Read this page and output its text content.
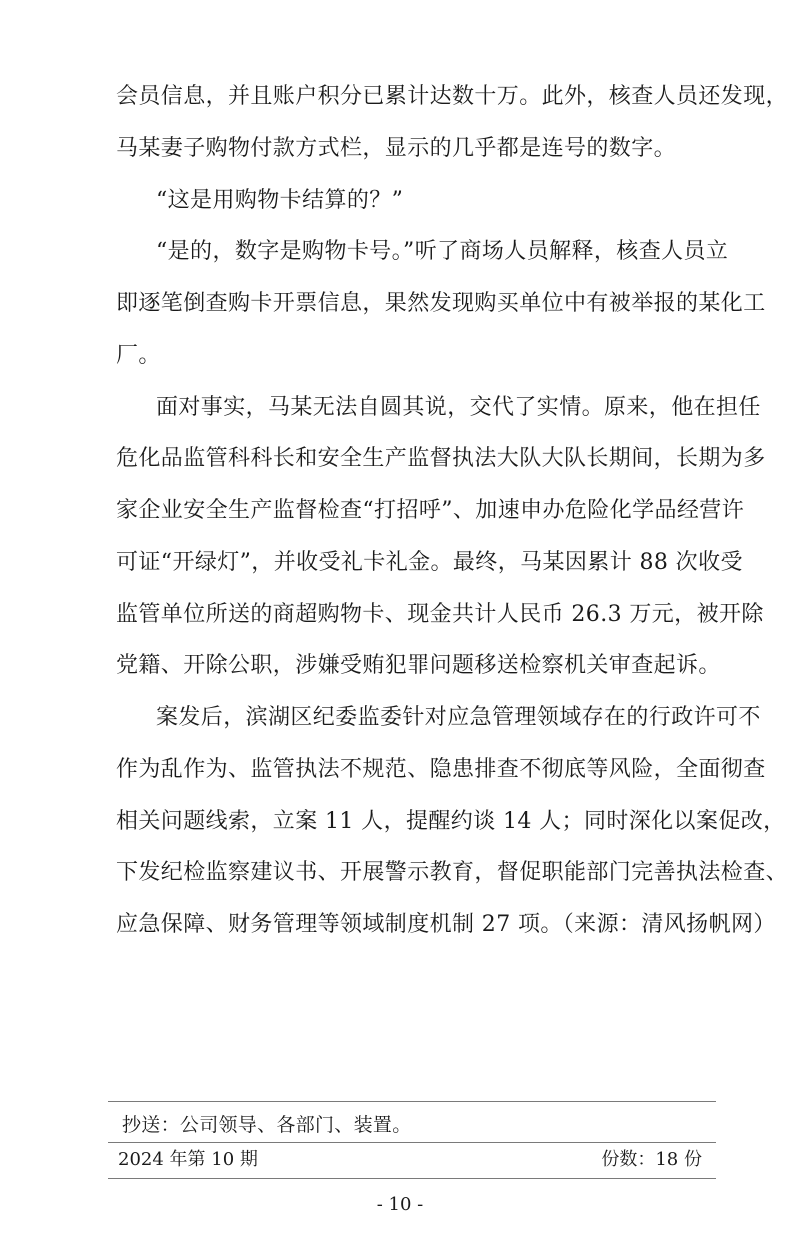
会员信息，并且账户积分已累计达数十万。此外，核查人员还发现，
马某妻子购物付款方式栏，显示的几乎都是连号的数字。
“这是用购物卡结算的？”
“是的，数字是购物卡号。”听了商场人员解释，核查人员立
即逐笔倒查购卡开票信息，果然发现购买单位中有被举报的某化工
厂。
面对事实，马某无法自圆其说，交代了实情。原来，他在担任
危化品监管科科长和安全生产监督执法大队大队长期间，长期为多
家企业安全生产监督检查“打招呼”、加速申办危险化学品经营许
可证“开绿灯”，并收受礼卡礼金。最终，马某因累计 88 次收受
监管单位所送的商超购物卡、现金共计人民币 26.3 万元，被开除
党籍、开除公职，涉嫌受贿犯罪问题移送检察机关审查起诉。
案发后，滨湖区纪委监委针对应急管理领域存在的行政许可不
作为乱作为、监管执法不规范、隐患排查不彻底等风险，全面彻查
相关问题线索，立案 11 人，提醒约谈 14 人；同时深化以案促改，
下发纪检监察建议书、开展警示教育，督促职能部门完善执法检查、
应急保障、财务管理等领域制度机制 27 项。（来源：清风扬帆网）
抄送：公司领导、各部门、装置。
2024 年第 10 期	份数：18 份
- 10 -
